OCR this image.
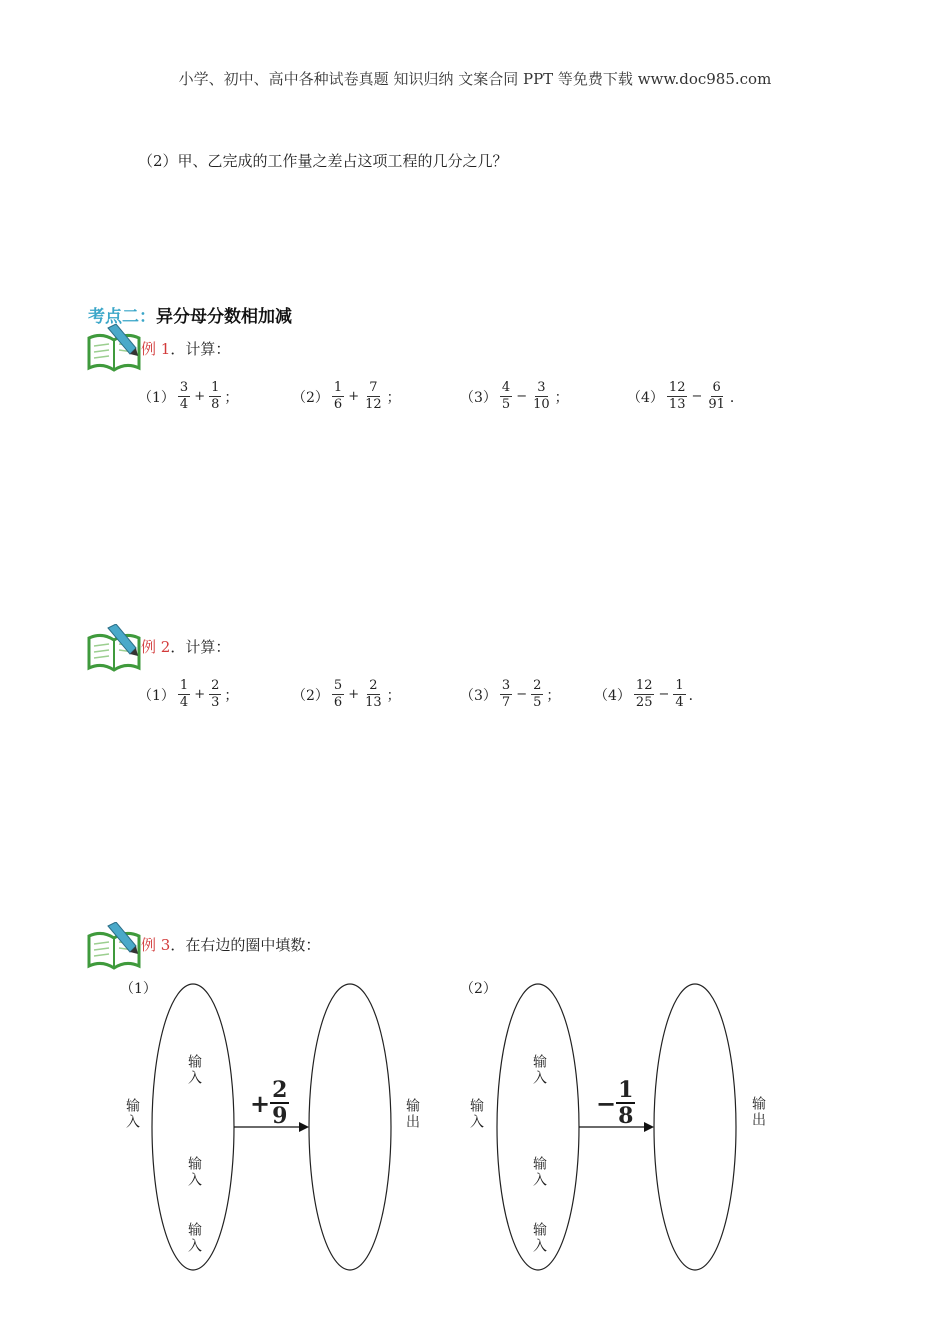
小学、初中、高中各种试卷真题 知识归纳 文案合同 PPT 等免费下载 www.doc985.com
（2）甲、乙完成的工作量之差占这项工程的几分之几？
考点二：异分母分数相加减
例 1．计算：
$(1) \frac{3}{4} + \frac{1}{8}$ ；	$(2) \frac{1}{6} + \frac{7}{12}$ ；	$(3) \frac{4}{5} - \frac{3}{10}$ ；	$(4) \frac{12}{13} - \frac{6}{91}$ ．
例 2．计算：
$(1) \frac{1}{4} + \frac{2}{3}$ ；	$(2) \frac{5}{6} + \frac{2}{13}$ ；	$(3) \frac{3}{7} - \frac{2}{5}$ ； $(4) \frac{12}{25} - \frac{1}{4}$ ．
例 3．在右边的圈中填数：
（1）
输入
输入
输入
输入
输出
+ $\frac{2}{9}$
（2）
输入
输入
输入
输入
输出
− $\frac{1}{8}$
